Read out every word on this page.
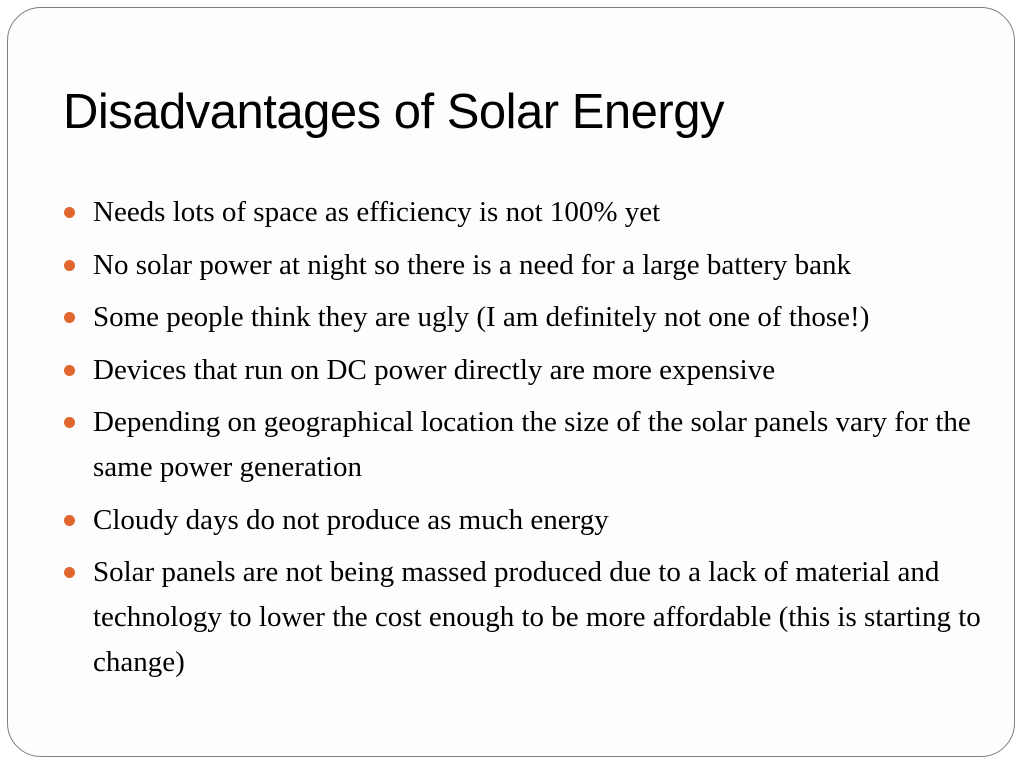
Disadvantages of Solar Energy
Needs lots of space as efficiency is not 100% yet
No solar power at night so there is a need for a large battery bank
Some people think they are ugly (I am definitely not one of those!)
Devices that run on DC power directly are more expensive
Depending on geographical location the size of the solar panels vary for the same power generation
Cloudy days do not produce as much energy
Solar panels are not being massed produced due to a lack of material and technology to lower the cost enough to be more affordable (this is starting to change)
